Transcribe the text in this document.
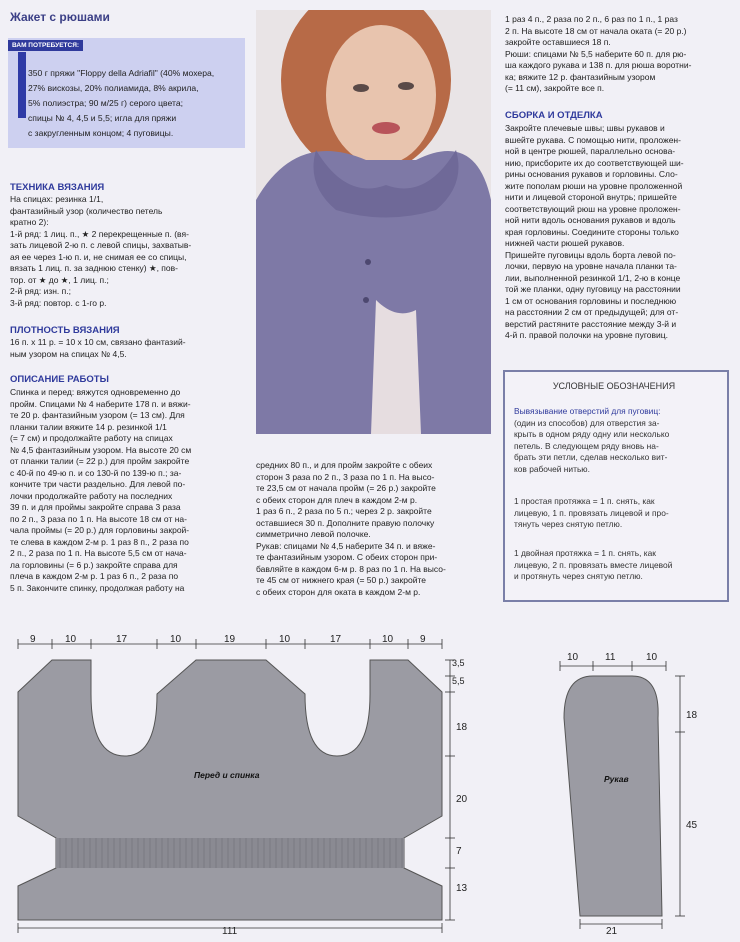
Жакет с рюшами
ВАМ ПОТРЕБУЕТСЯ:
350 г пряжи "Floppy della Adriafil" (40% мохера,
27% вискозы, 20% полиамида, 8% акрила,
5% полиэстра; 90 м/25 г) серого цвета;
спицы № 4, 4,5 и 5,5; игла для пряжи
с закругленным концом; 4 пуговицы.
ТЕХНИКА ВЯЗАНИЯ
На спицах: резинка 1/1,
фантазийный узор (количество петель
кратно 2):
1-й ряд: 1 лиц. п., ★ 2 перекрещенные п. (вя-
зать лицевой 2-ю п. с левой спицы, захватыв-
ая ее через 1-ю п. и, не снимая ее со спицы,
вязать 1 лиц. п. за заднюю стенку) ★, пов-
тор. от ★ до ★, 1 лиц. п.;
2-й ряд: изн. п.;
3-й ряд: повтор. с 1-го р.
ПЛОТНОСТЬ ВЯЗАНИЯ
16 п. х 11 р. = 10 х 10 см, связано фантазий-
ным узором на спицах № 4,5.
ОПИСАНИЕ РАБОТЫ
Спинка и перед: вяжутся одновременно до
пройм. Спицами № 4 наберите 178 п. и вяжи-
те 20 р. фантазийным узором (= 13 см). Для
планки талии вяжите 14 р. резинкой 1/1
(= 7 см) и продолжайте работу на спицах
№ 4,5 фантазийным узором. На высоте 20 см
от планки талии (= 22 р.) для пройм закройте
с 40-й по 49-ю п. и со 130-й по 139-ю п.; за-
кончите три части раздельно. Для левой по-
лочки продолжайте работу на последних
39 п. и для проймы закройте справа 3 раза
по 2 п., 3 раза по 1 п. На высоте 18 см от на-
чала проймы (= 20 р.) для горловины закрой-
те слева в каждом 2-м р. 1 раз 8 п., 2 раза по
2 п., 2 раза по 1 п. На высоте 5,5 см от нача-
ла горловины (= 6 р.) закройте справа для
плеча в каждом 2-м р. 1 раз 6 п., 2 раза по
5 п. Закончите спинку, продолжая работу на
средних 80 п., и для пройм закройте с обеих
сторон 3 раза по 2 п., 3 раза по 1 п. На высо-
те 23,5 см от начала пройм (= 26 р.) закройте
с обеих сторон для плеч в каждом 2-м р.
1 раз 6 п., 2 раза по 5 п.; через 2 р. закройте
оставшиеся 30 п. Дополните правую полочку
симметрично левой полочке.
Рукав: спицами № 4,5 наберите 34 п. и вяже-
те фантазийным узором. С обеих сторон при-
бавляйте в каждом 6-м р. 8 раз по 1 п. На высо-
те 45 см от нижнего края (= 50 р.) закройте
с обеих сторон для оката в каждом 2-м р.
1 раз 4 п., 2 раза по 2 п., 6 раз по 1 п., 1 раз
2 п. На высоте 18 см от начала оката (= 20 р.)
закройте оставшиеся 18 п.
Рюши: спицами № 5,5 наберите 60 п. для рю-
шa каждого рукава и 138 п. для рюша воротни-
ка; вяжите 12 р. фантазийным узором
(= 11 см), закройте все п.
СБОРКА И ОТДЕЛКА
Закройте плечевые швы; швы рукавов и
вшейте рукава. С помощью нити, проложен-
ной в центре рюшей, параллельно основа-
нию, присборите их до соответствующей ши-
рины основания рукавов и горловины. Сло-
жите пополам рюши на уровне проложенной
нити и лицевой стороной внутрь; пришейте
соответствующий рюш на уровне проложен-
ной нити вдоль основания рукавов и вдоль
края горловины. Соедините стороны только
нижней части рюшей рукавов.
Пришейте пуговицы вдоль борта левой по-
лочки, первую на уровне начала планки та-
лии, выполненной резинкой 1/1, 2-ю в конце
той же планки, одну пуговицу на расстоянии
1 см от основания горловины и последнюю
на расстоянии 2 см от предыдущей; для от-
верстий растяните расстояние между 3-й и
4-й п. правой полочки на уровне пуговиц.
УСЛОВНЫЕ ОБОЗНАЧЕНИЯ
Вывязывание отверстий для пуговиц:
(один из способов) для отверстия за-
крыть в одном ряду одну или несколько
петель. В следующем ряду вновь на-
брать эти петли, сделав несколько вит-
ков рабочей нитью.
1 простая протяжка = 1 п. снять, как
лицевую, 1 п. провязать лицевой и про-
тянуть через снятую петлю.
1 двойная протяжка = 1 п. снять, как
лицевую, 2 п. провязать вместе лицевой
и протянуть через снятую петлю.
9	10	17	10	19	10	17	10	9
3,5
5,5
18
20
7
13
111
Перед и спинка
10	11	10
18
45
21
Рукав
